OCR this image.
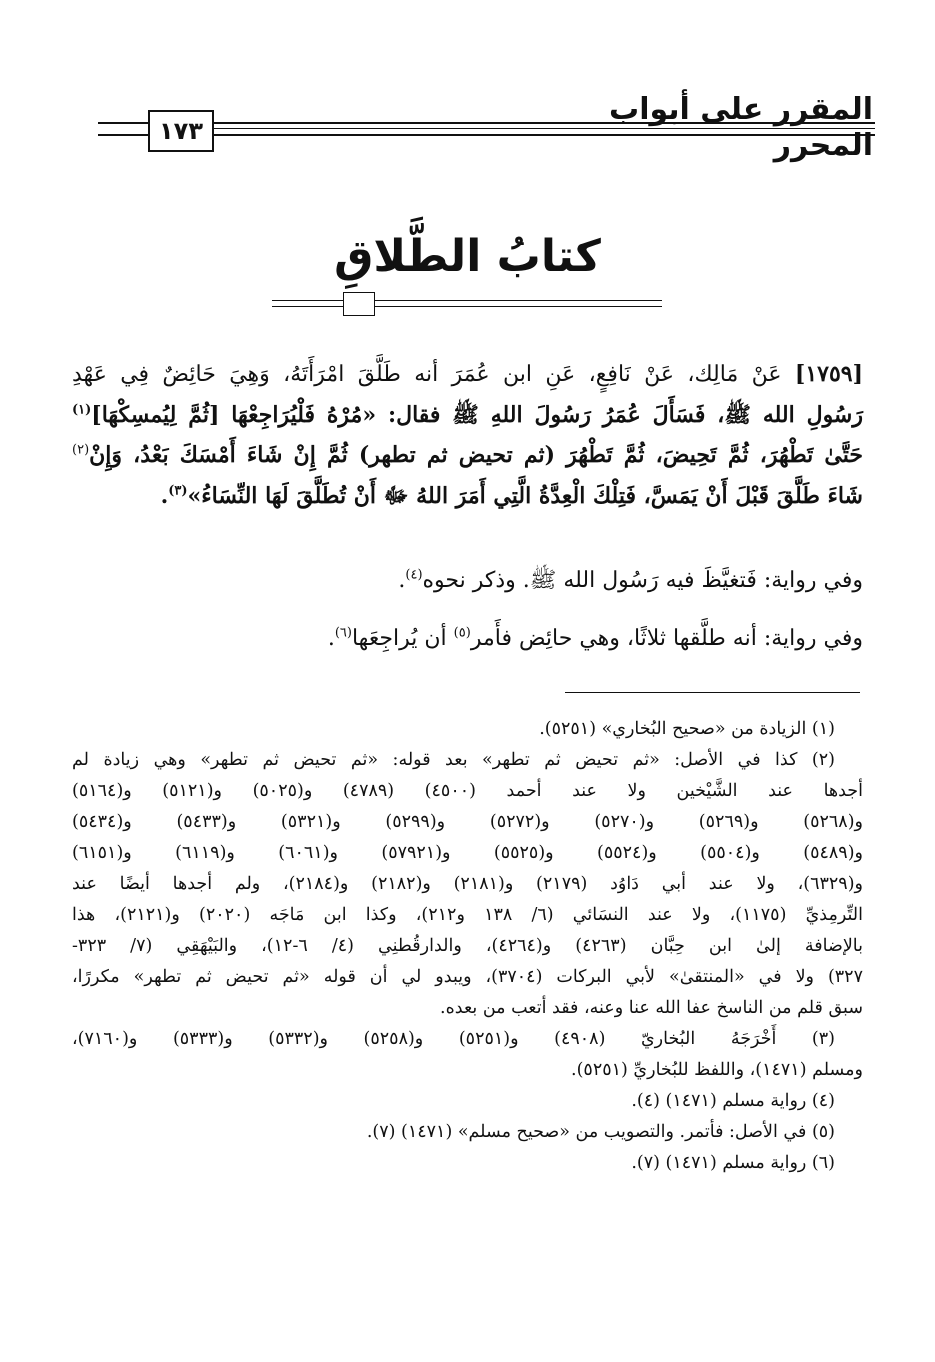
المقرر على أبواب المحرر
١٧٣
كتابُ الطَّلاقِ
[١٧٥٩] عَنْ مَالِك، عَنْ نَافِعٍ، عَنِ ابن عُمَرَ أنه طَلَّقَ امْرَأَتَهُ، وَهِيَ حَائِضٌ فِي عَهْدِ
رَسُولِ الله ﷺ، فَسَأَلَ عُمَرُ رَسُولَ اللهِ ﷺ فقال: «مُرْهُ فَلْيُرَاجِعْهَا [ثُمَّ لِيُمسِكْهَا]$^{(١)}$
حَتَّىٰ تَطْهُرَ، ثُمَّ تَحِيضَ، ثُمَّ تَطْهُرَ (ثم تحيض ثم تطهر) ثُمَّ إِنْ شَاءَ أَمْسَكَ بَعْدُ، وَإِنْ$^{(٢)}$
شَاءَ طَلَّقَ قَبْلَ أَنْ يَمَسَّ، فَتِلْكَ الْعِدَّةُ الَّتِي أَمَرَ اللهُ ﷻ أَنْ تُطَلَّقَ لَهَا النِّسَاءُ»$^{(٣)}$.
وفي رواية: فَتغيَّظَ فيه رَسُول الله ﷺ. وذكر نحوه$^{(٤)}$.
وفي رواية: أنه طلَّقها ثلاثًا، وهي حائِض فأَمر$^{(٥)}$ أن يُراجِعَها$^{(٦)}$.
(١) الزيادة من «صحيح البُخاري» (٥٢٥١).
(٢) كذا في الأصل: «ثم تحيض ثم تطهر» بعد قوله: «ثم تحيض ثم تطهر» وهي زيادة لم
أجدها عند الشَّيْخين ولا عند أحمد (٤٥٠٠) (٤٧٨٩) و(٥٠٢٥) و(٥١٢١) و(٥١٦٤)
و(٥٢٦٨) و(٥٢٦٩) و(٥٢٧٠) و(٥٢٧٢) و(٥٢٩٩) و(٥٣٢١) و(٥٤٣٣) و(٥٤٣٤)
و(٥٤٨٩) و(٥٥٠٤) و(٥٥٢٤) و(٥٥٢٥) و(٥٧٩٢١) و(٦٠٦١) و(٦١١٩) و(٦١٥١)
و(٦٣٢٩)، ولا عند أبي دَاوُد (٢١٧٩) و(٢١٨١) و(٢١٨٢) و(٢١٨٤)، ولم أجدها أيضًا عند
التِّرمِذيِّ (١١٧٥)، ولا عند النسَائي (٦/ ١٣٨ و٢١٢)، وكذا ابن مَاجَه (٢٠٢٠) و(٢١٢١)، هذا
بالإضافة إلىٰ ابن حِبَّان (٤٢٦٣) و(٤٢٦٤)، والدارقُطنِي (٤/ ٦-١٢)، والبَيْهَقِي (٧/ ٣٢٣-
٣٢٧) ولا في «المنتقىٰ» لأبي البركات (٣٧٠٤)، ويبدو لي أن قوله «ثم تحيض ثم تطهر» مكررًا،
سبق قلم من الناسخ عفا الله عنا وعنه، فقد أتعب من بعده.
(٣) أَخْرَجَهُ البُخاريّ (٤٩٠٨) و(٥٢٥١) و(٥٢٥٨) و(٥٣٣٢) و(٥٣٣٣) و(٧١٦٠)،
ومسلم (١٤٧١)، واللفظ للبُخاريِّ (٥٢٥١).
(٤) رواية مسلم (١٤٧١) (٤).
(٥) في الأصل: فأتمر. والتصويب من «صحيح مسلم» (١٤٧١) (٧).
(٦) رواية مسلم (١٤٧١) (٧).
